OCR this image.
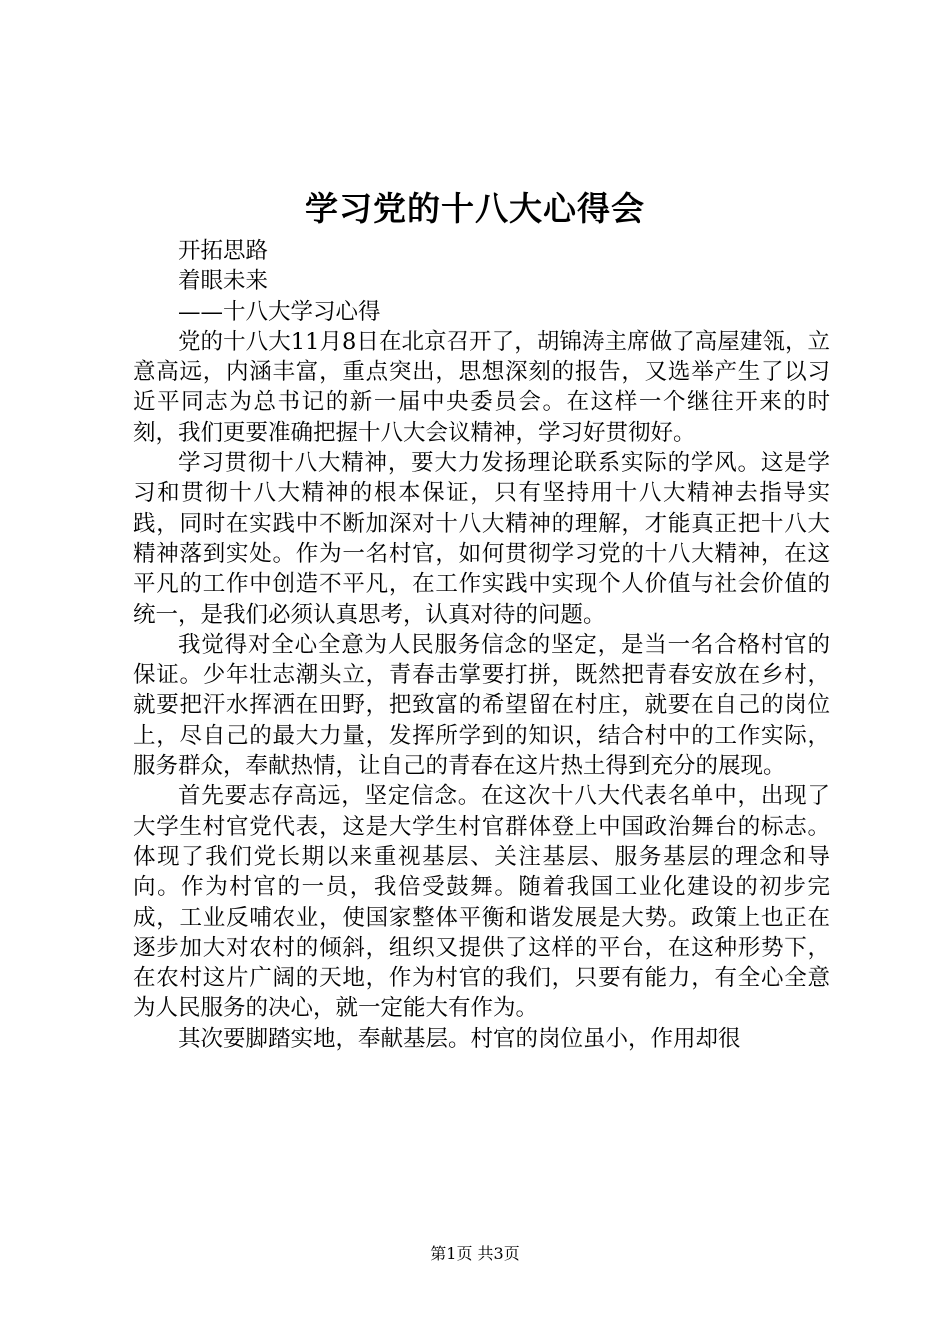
学习党的十八大心得会

开拓思路

着眼未来

——十八大学习心得

党的十八大11月8日在北京召开了，胡锦涛主席做了高屋建瓴，立意高远，内涵丰富，重点突出，思想深刻的报告，又选举产生了以习近平同志为总书记的新一届中央委员会。在这样一个继往开来的时刻，我们更要准确把握十八大会议精神，学习好贯彻好。

学习贯彻十八大精神，要大力发扬理论联系实际的学风。这是学习和贯彻十八大精神的根本保证，只有坚持用十八大精神去指导实践，同时在实践中不断加深对十八大精神的理解，才能真正把十八大精神落到实处。作为一名村官，如何贯彻学习党的十八大精神，在这平凡的工作中创造不平凡，在工作实践中实现个人价值与社会价值的统一，是我们必须认真思考，认真对待的问题。

我觉得对全心全意为人民服务信念的坚定，是当一名合格村官的保证。少年壮志潮头立，青春击掌要打拼，既然把青春安放在乡村，就要把汗水挥洒在田野，把致富的希望留在村庄，就要在自己的岗位上，尽自己的最大力量，发挥所学到的知识，结合村中的工作实际，服务群众，奉献热情，让自己的青春在这片热土得到充分的展现。

首先要志存高远，坚定信念。在这次十八大代表名单中，出现了大学生村官党代表，这是大学生村官群体登上中国政治舞台的标志。体现了我们党长期以来重视基层、关注基层、服务基层的理念和导向。作为村官的一员，我倍受鼓舞。随着我国工业化建设的初步完成，工业反哺农业，使国家整体平衡和谐发展是大势。政策上也正在逐步加大对农村的倾斜，组织又提供了这样的平台，在这种形势下，在农村这片广阔的天地，作为村官的我们，只要有能力，有全心全意为人民服务的决心，就一定能大有作为。

其次要脚踏实地，奉献基层。村官的岗位虽小，作用却很

第1页 共3页
